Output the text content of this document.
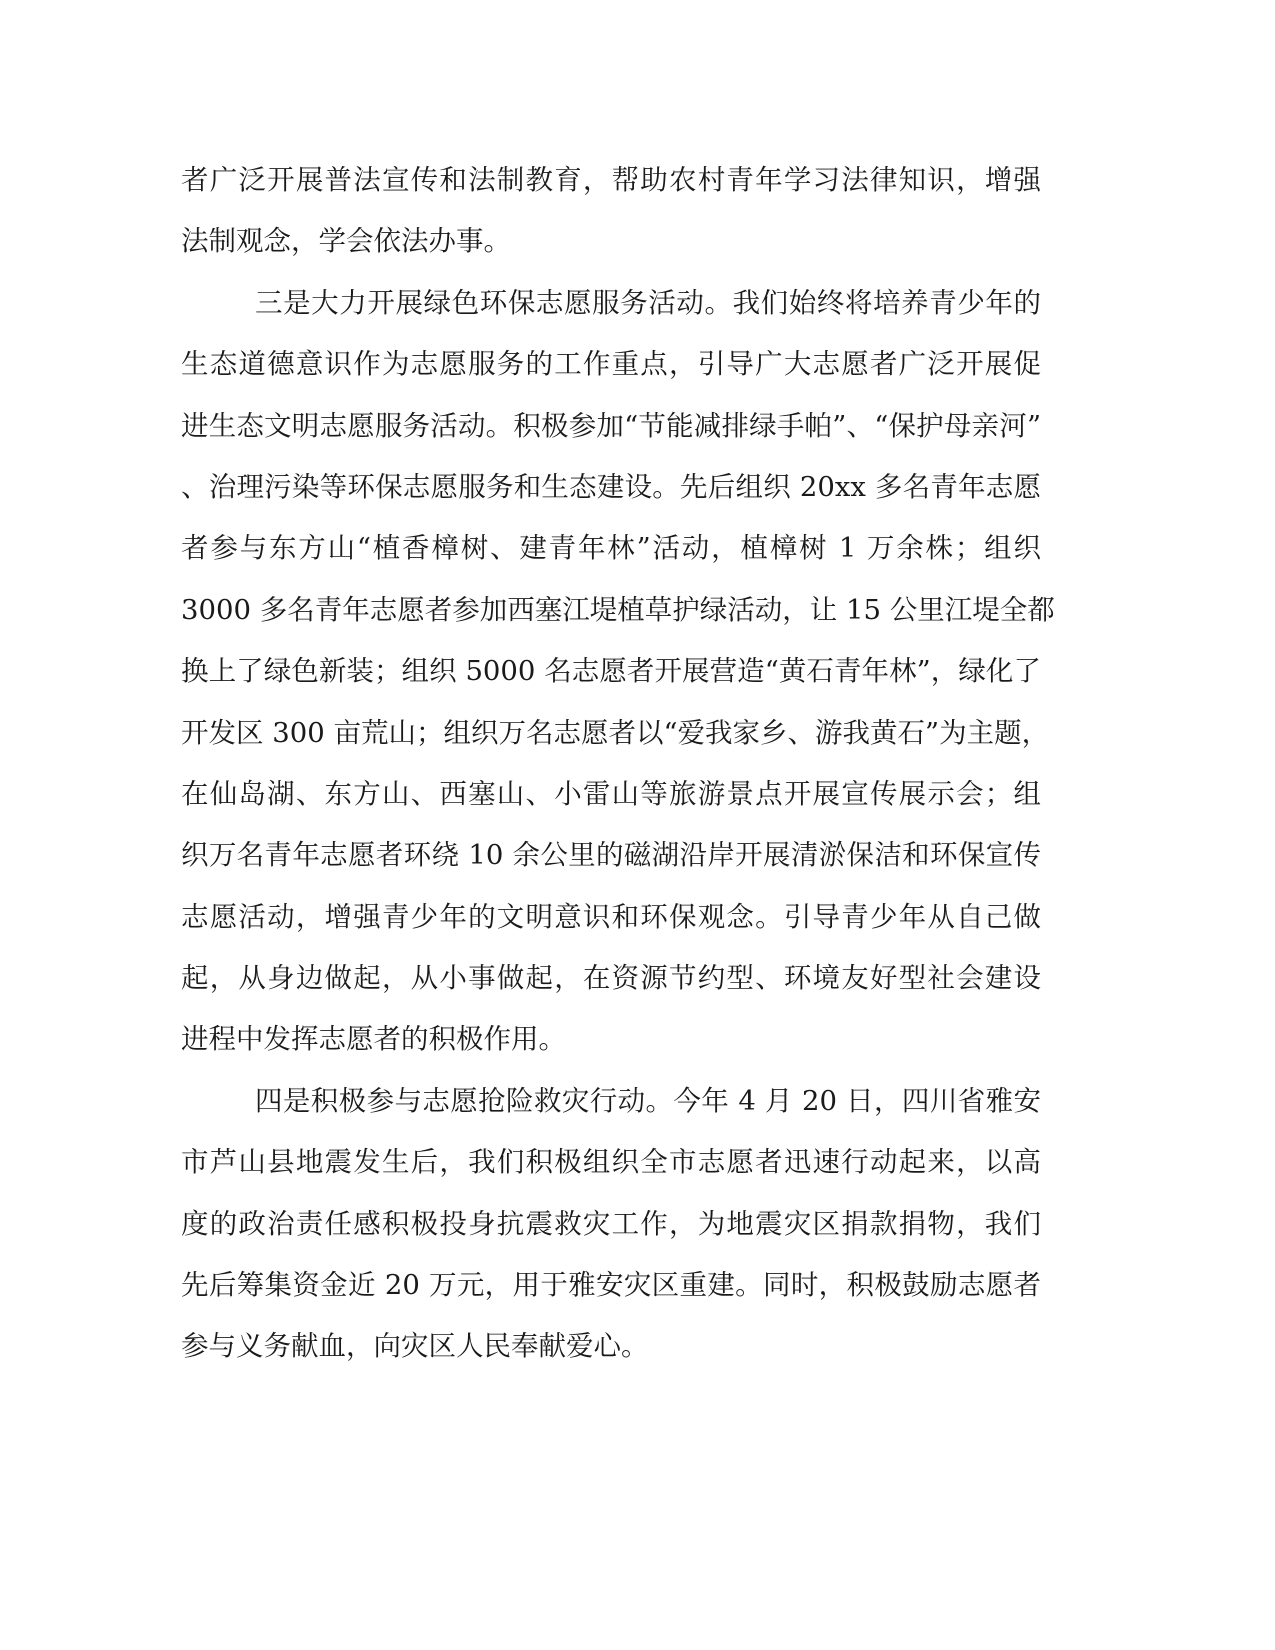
者广泛开展普法宣传和法制教育，帮助农村青年学习法律知识，增强
法制观念，学会依法办事。
三是大力开展绿色环保志愿服务活动。我们始终将培养青少年的
生态道德意识作为志愿服务的工作重点，引导广大志愿者广泛开展促
进生态文明志愿服务活动。积极参加“节能减排绿手帕”、“保护母亲河”
、治理污染等环保志愿服务和生态建设。先后组织 20xx 多名青年志愿
者参与东方山“植香樟树、建青年林”活动，植樟树 1 万余株；组织
3000 多名青年志愿者参加西塞江堤植草护绿活动，让 15 公里江堤全都
换上了绿色新装；组织 5000 名志愿者开展营造“黄石青年林”，绿化了
开发区 300 亩荒山；组织万名志愿者以“爱我家乡、游我黄石”为主题，
在仙岛湖、东方山、西塞山、小雷山等旅游景点开展宣传展示会；组
织万名青年志愿者环绕 10 余公里的磁湖沿岸开展清淤保洁和环保宣传
志愿活动，增强青少年的文明意识和环保观念。引导青少年从自己做
起，从身边做起，从小事做起，在资源节约型、环境友好型社会建设
进程中发挥志愿者的积极作用。
四是积极参与志愿抢险救灾行动。今年 4 月 20 日，四川省雅安
市芦山县地震发生后，我们积极组织全市志愿者迅速行动起来，以高
度的政治责任感积极投身抗震救灾工作，为地震灾区捐款捐物，我们
先后筹集资金近 20 万元，用于雅安灾区重建。同时，积极鼓励志愿者
参与义务献血，向灾区人民奉献爱心。
